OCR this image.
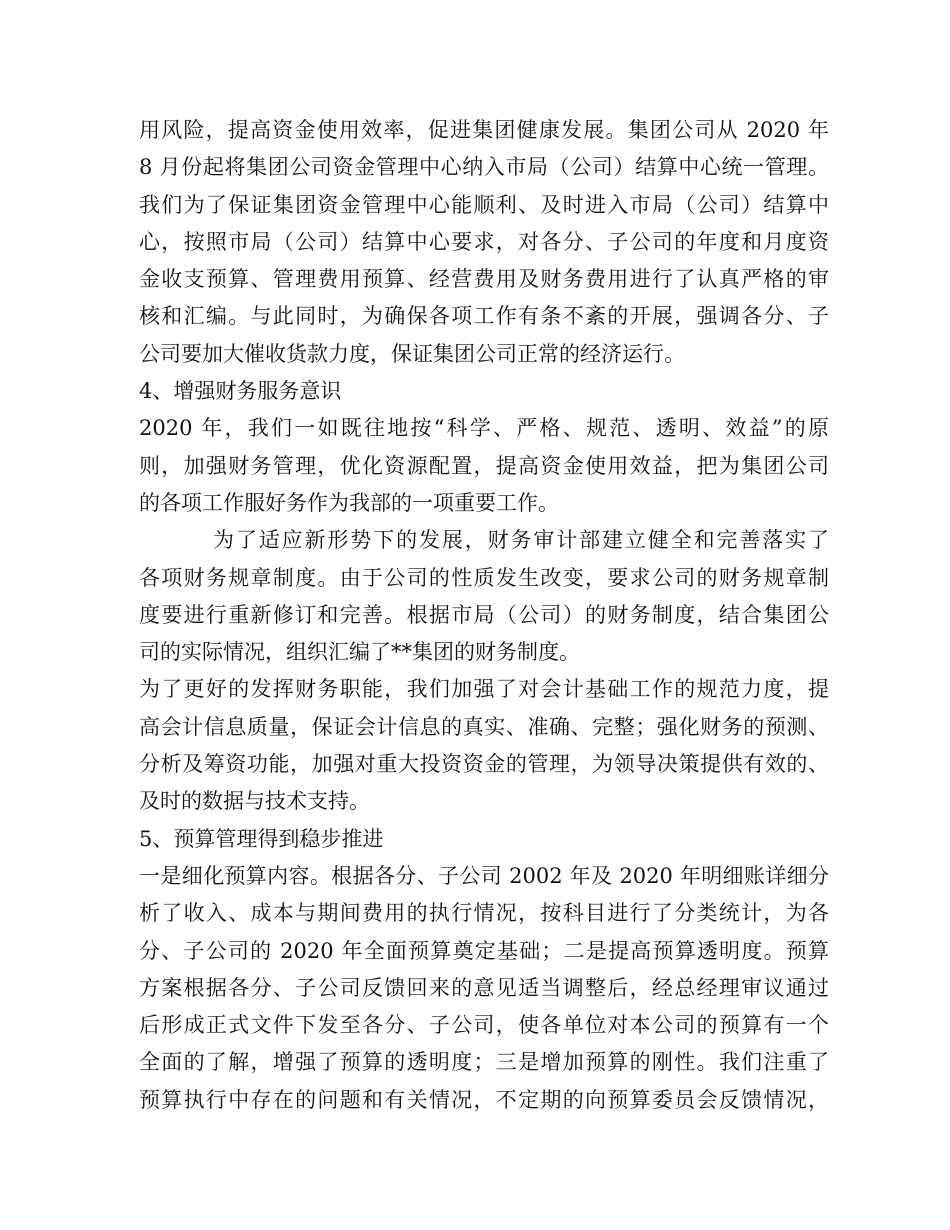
用风险，提高资金使用效率，促进集团健康发展。集团公司从 2020 年
8 月份起将集团公司资金管理中心纳入市局（公司）结算中心统一管理。
我们为了保证集团资金管理中心能顺利、及时进入市局（公司）结算中
心，按照市局（公司）结算中心要求，对各分、子公司的年度和月度资
金收支预算、管理费用预算、经营费用及财务费用进行了认真严格的审
核和汇编。与此同时，为确保各项工作有条不紊的开展，强调各分、子
公司要加大催收货款力度，保证集团公司正常的经济运行。
4、增强财务服务意识
2020 年，我们一如既往地按“科学、严格、规范、透明、效益”的原
则，加强财务管理，优化资源配置，提高资金使用效益，把为集团公司
的各项工作服好务作为我部的一项重要工作。
为了适应新形势下的发展，财务审计部建立健全和完善落实了
各项财务规章制度。由于公司的性质发生改变，要求公司的财务规章制
度要进行重新修订和完善。根据市局（公司）的财务制度，结合集团公
司的实际情况，组织汇编了**集团的财务制度。
为了更好的发挥财务职能，我们加强了对会计基础工作的规范力度，提
高会计信息质量，保证会计信息的真实、准确、完整；强化财务的预测、
分析及筹资功能，加强对重大投资资金的管理，为领导决策提供有效的、
及时的数据与技术支持。
5、预算管理得到稳步推进
一是细化预算内容。根据各分、子公司 2002 年及 2020 年明细账详细分
析了收入、成本与期间费用的执行情况，按科目进行了分类统计，为各
分、子公司的 2020 年全面预算奠定基础；二是提高预算透明度。预算
方案根据各分、子公司反馈回来的意见适当调整后，经总经理审议通过
后形成正式文件下发至各分、子公司，使各单位对本公司的预算有一个
全面的了解，增强了预算的透明度；三是增加预算的刚性。我们注重了
预算执行中存在的问题和有关情况，不定期的向预算委员会反馈情况，
